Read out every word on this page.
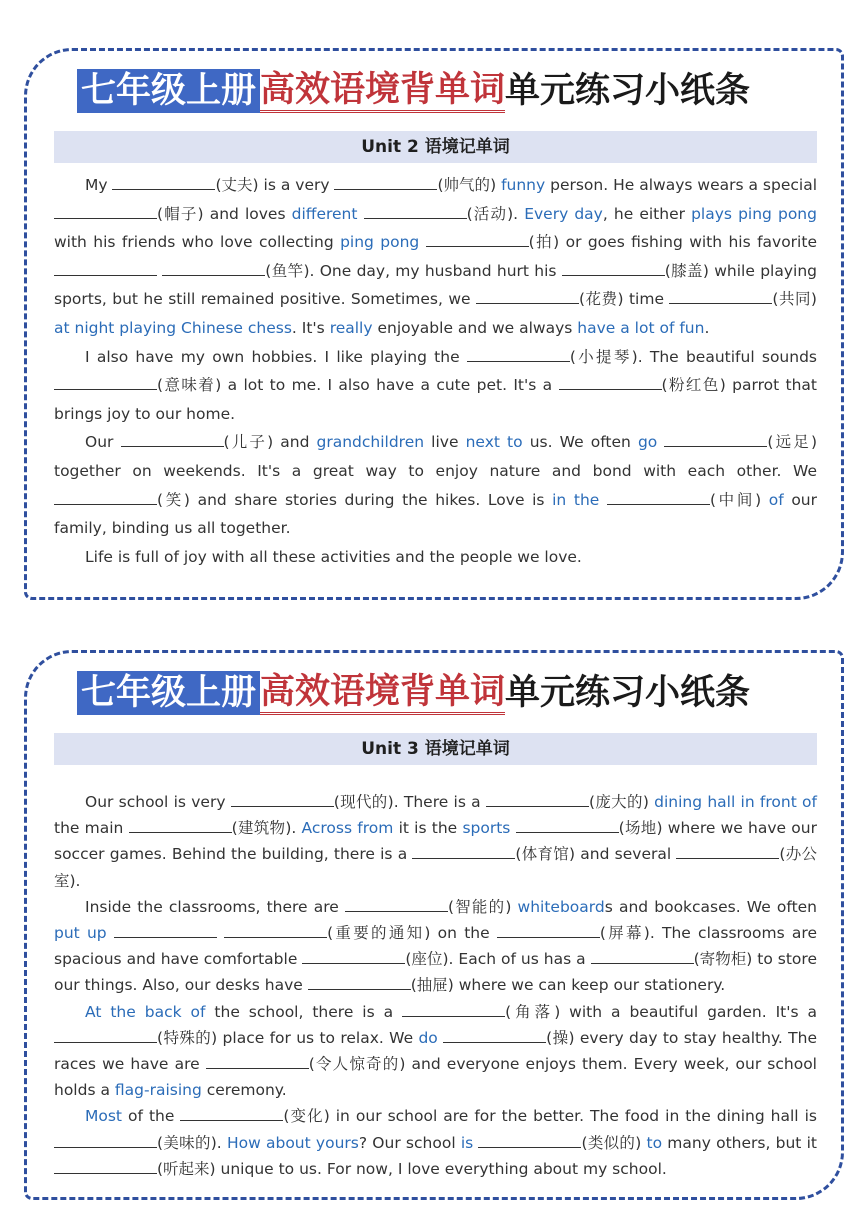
七年级上册 高效语境背单词 单元练习小纸条
Unit 2 语境记单词

My	(丈夫) is a very	(帅气的) funny person. He always wears a special (帽子) and loves different	(活动). Every day, he either plays ping pong with his friends who love collecting ping pong	(拍) or goes fishing with his favorite  (鱼竿). One day, my husband hurt his	(膝盖) while playing sports, but he still remained positive. Sometimes, we	(花费) time	(共同) at night playing Chinese chess. It's really enjoyable and we always have a lot of fun.

I also have my own hobbies. I like playing the	(小提琴). The beautiful sounds (意味着) a lot to me. I also have a cute pet. It's a	(粉红色) parrot that brings joy to our home.

Our	(儿子) and grandchildren live next to us. We often go	(远足) together on weekends. It's a great way to enjoy nature and bond with each other. We (笑) and share stories during the hikes. Love is in the	(中间) of our family, binding us all together.

Life is full of joy with all these activities and the people we love.

七年级上册 高效语境背单词 单元练习小纸条
Unit 3 语境记单词

Our school is very	(现代的). There is a	(庞大的) dining hall in front of the main	(建筑物). Across from it is the sports	(场地) where we have our soccer games. Behind the building, there is a	(体育馆) and several	(办公室).

Inside the classrooms, there are	(智能的) whiteboards and bookcases. We often put up	(重要的通知) on the	(屏幕). The classrooms are spacious and have comfortable	(座位). Each of us has a	(寄物柜) to store our things. Also, our desks have	(抽屉) where we can keep our stationery.

At the back of the school, there is a	(角落) with a beautiful garden. It's a (特殊的) place for us to relax. We do	(操) every day to stay healthy. The races we have are	(令人惊奇的) and everyone enjoys them. Every week, our school holds a flag-raising ceremony.

Most of the	(变化) in our school are for the better. The food in the dining hall is (美味的). How about yours? Our school is	(类似的) to many others, but it (听起来) unique to us. For now, I love everything about my school.
